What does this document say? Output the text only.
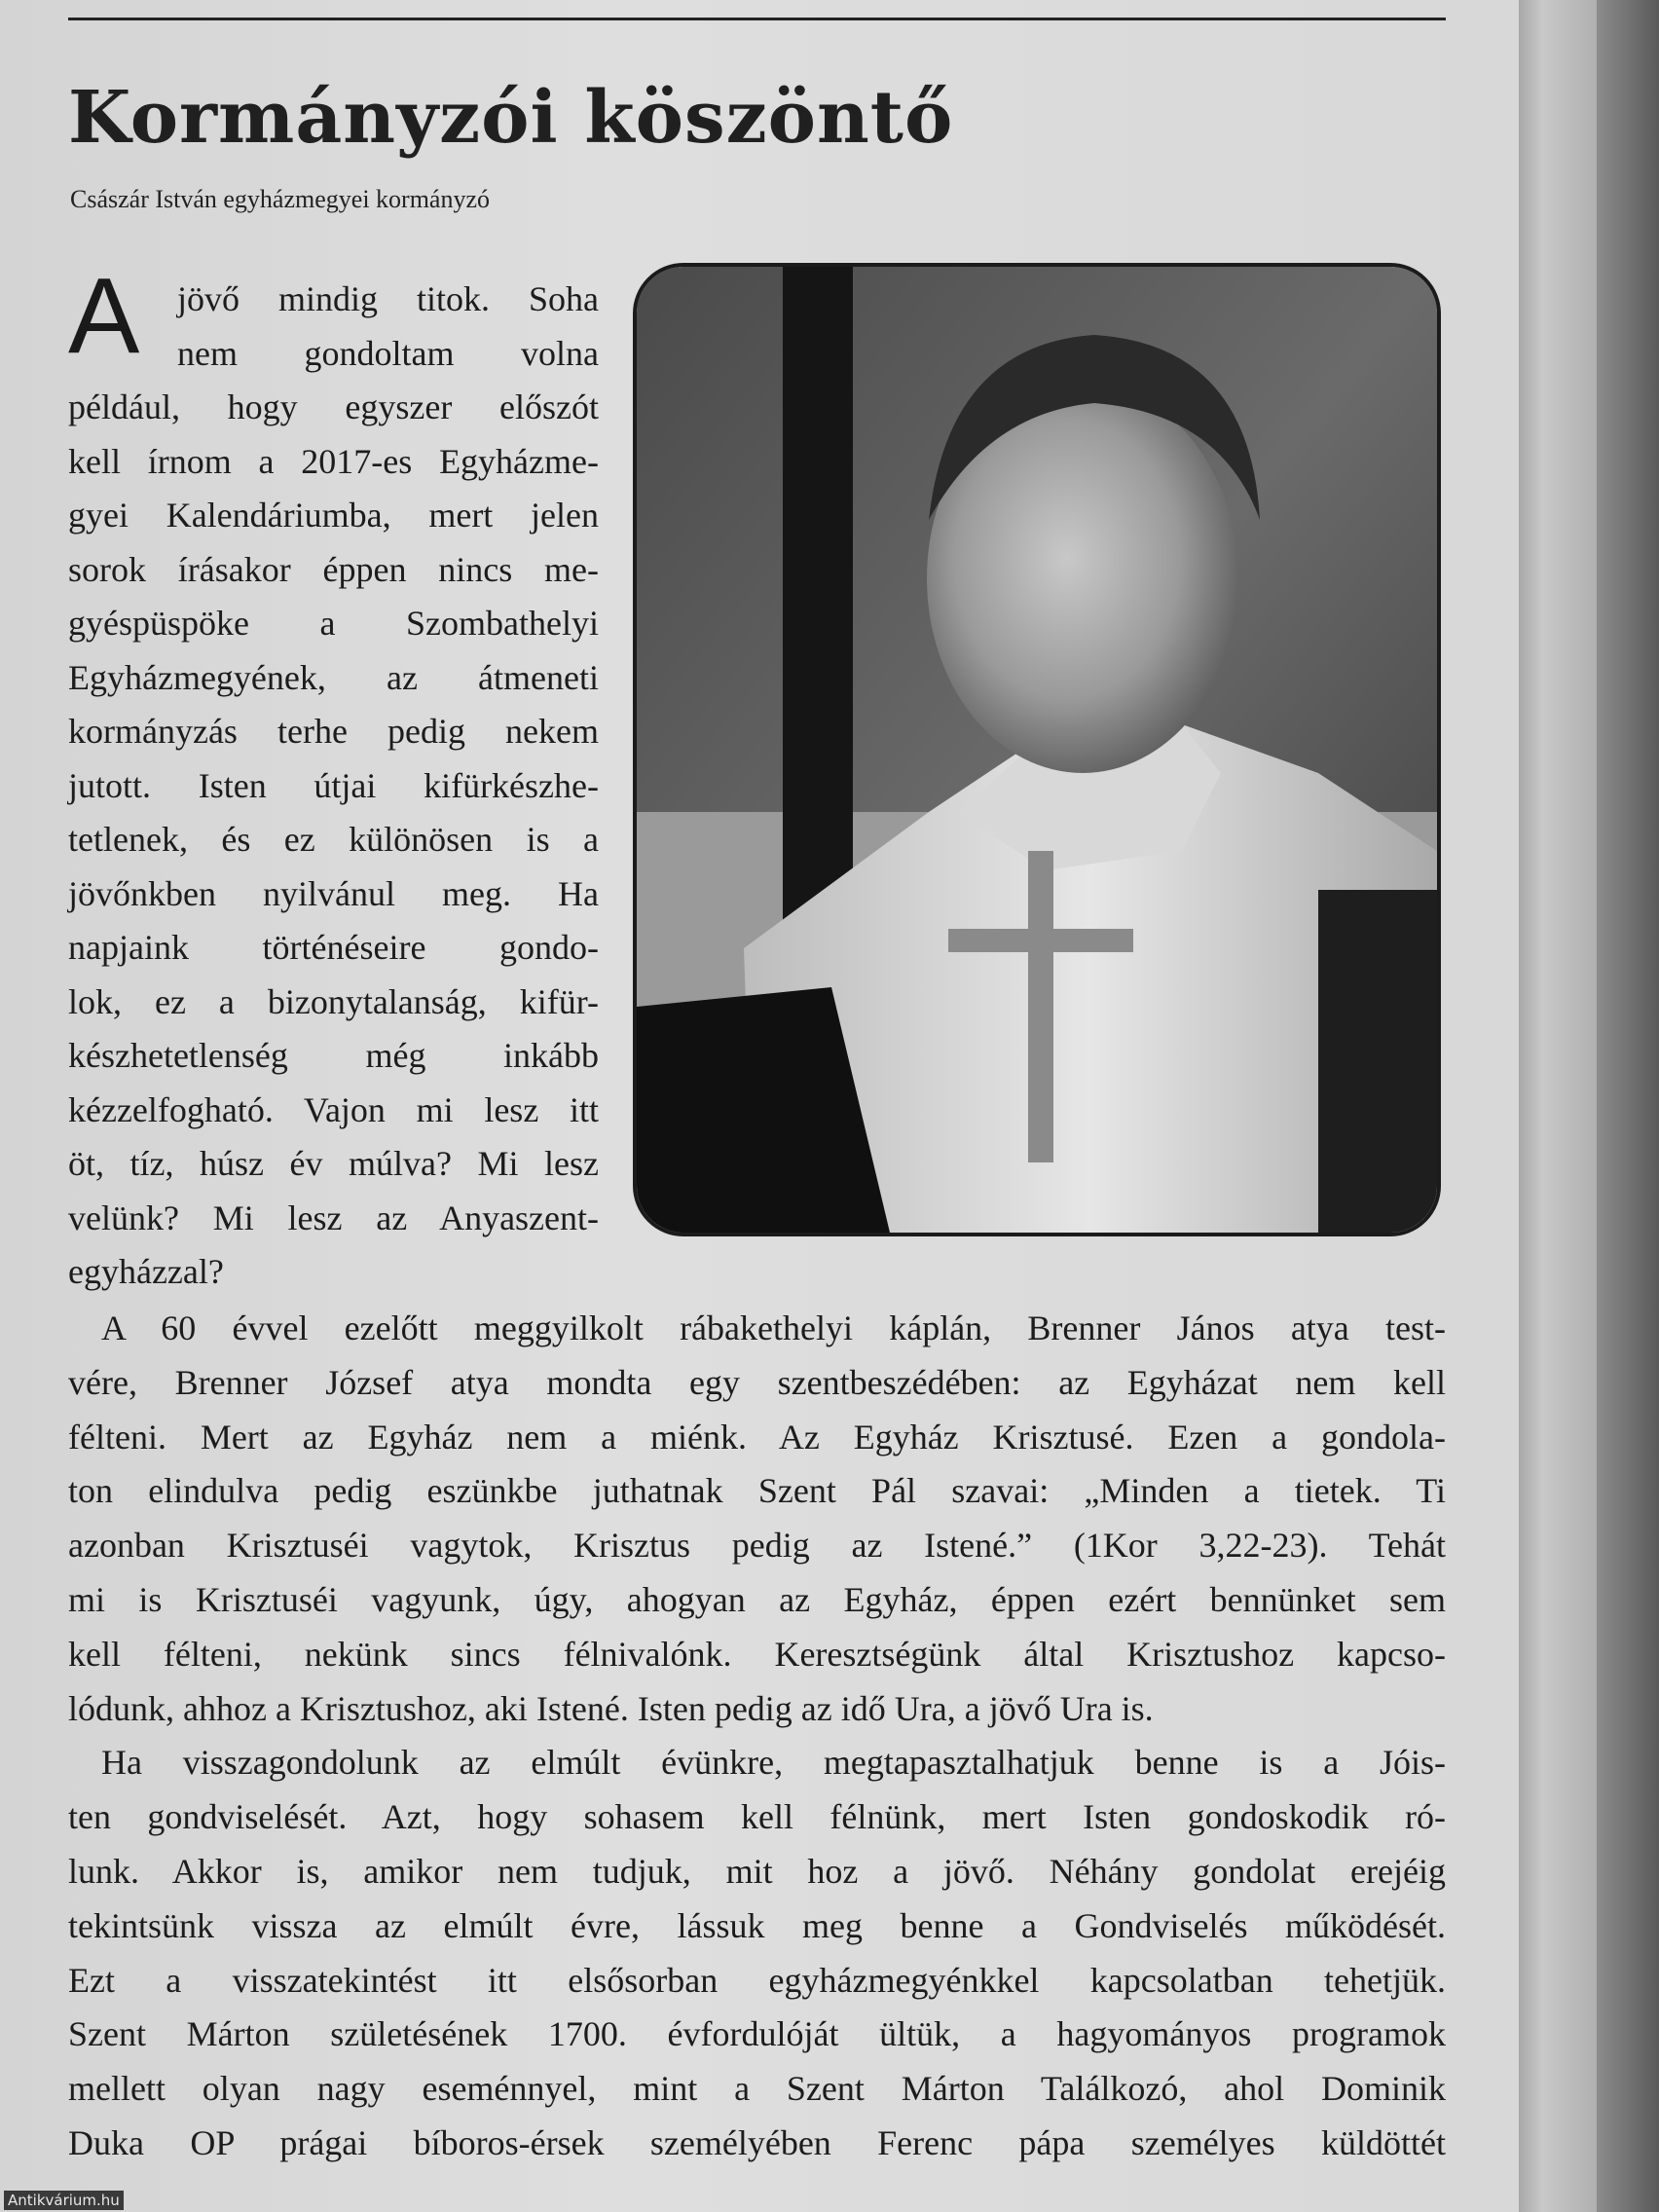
Kormányzói köszöntő
Császár István egyházmegyei kormányzó
A	jövő mindig titok. Soha
nem gondoltam volna
például, hogy egyszer előszót
kell írnom a 2017-es Egyházme-
gyei Kalendáriumba, mert jelen
sorok írásakor éppen nincs me-
gyéspüspöke a Szombathelyi
Egyházmegyének, az átmeneti
kormányzás terhe pedig nekem
jutott. Isten útjai kifürkészhe-
tetlenek, és ez különösen is a
jövőnkben nyilvánul meg. Ha
napjaink történéseire gondo-
lok, ez a bizonytalanság, kifür-
készhetetlenség még inkább
kézzelfogható. Vajon mi lesz itt
öt, tíz, húsz év múlva? Mi lesz
velünk? Mi lesz az Anyaszent-
egyházzal?
A 60 évvel ezelőtt meggyilkolt rábakethelyi káplán, Brenner János atya test-
vére, Brenner József atya mondta egy szentbeszédében: az Egyházat nem kell
félteni. Mert az Egyház nem a miénk. Az Egyház Krisztusé. Ezen a gondola-
ton elindulva pedig eszünkbe juthatnak Szent Pál szavai: „Minden a tietek. Ti
azonban Krisztuséi vagytok, Krisztus pedig az Istené.” (1Kor 3,22-23). Tehát
mi is Krisztuséi vagyunk, úgy, ahogyan az Egyház, éppen ezért bennünket sem
kell félteni, nekünk sincs félnivalónk. Keresztségünk által Krisztushoz kapcso-
lódunk, ahhoz a Krisztushoz, aki Istené. Isten pedig az idő Ura, a jövő Ura is.
Ha visszagondolunk az elmúlt évünkre, megtapasztalhatjuk benne is a Jóis-
ten gondviselését. Azt, hogy sohasem kell félnünk, mert Isten gondoskodik ró-
lunk. Akkor is, amikor nem tudjuk, mit hoz a jövő. Néhány gondolat erejéig
tekintsünk vissza az elmúlt évre, lássuk meg benne a Gondviselés működését.
Ezt a visszatekintést itt elsősorban egyházmegyénkkel kapcsolatban tehetjük.
Szent Márton születésének 1700. évfordulóját ültük, a hagyományos programok
mellett olyan nagy eseménnyel, mint a Szent Márton Találkozó, ahol Dominik
Duka OP prágai bíboros-érsek személyében Ferenc pápa személyes küldöttét
Antikvárium.hu
